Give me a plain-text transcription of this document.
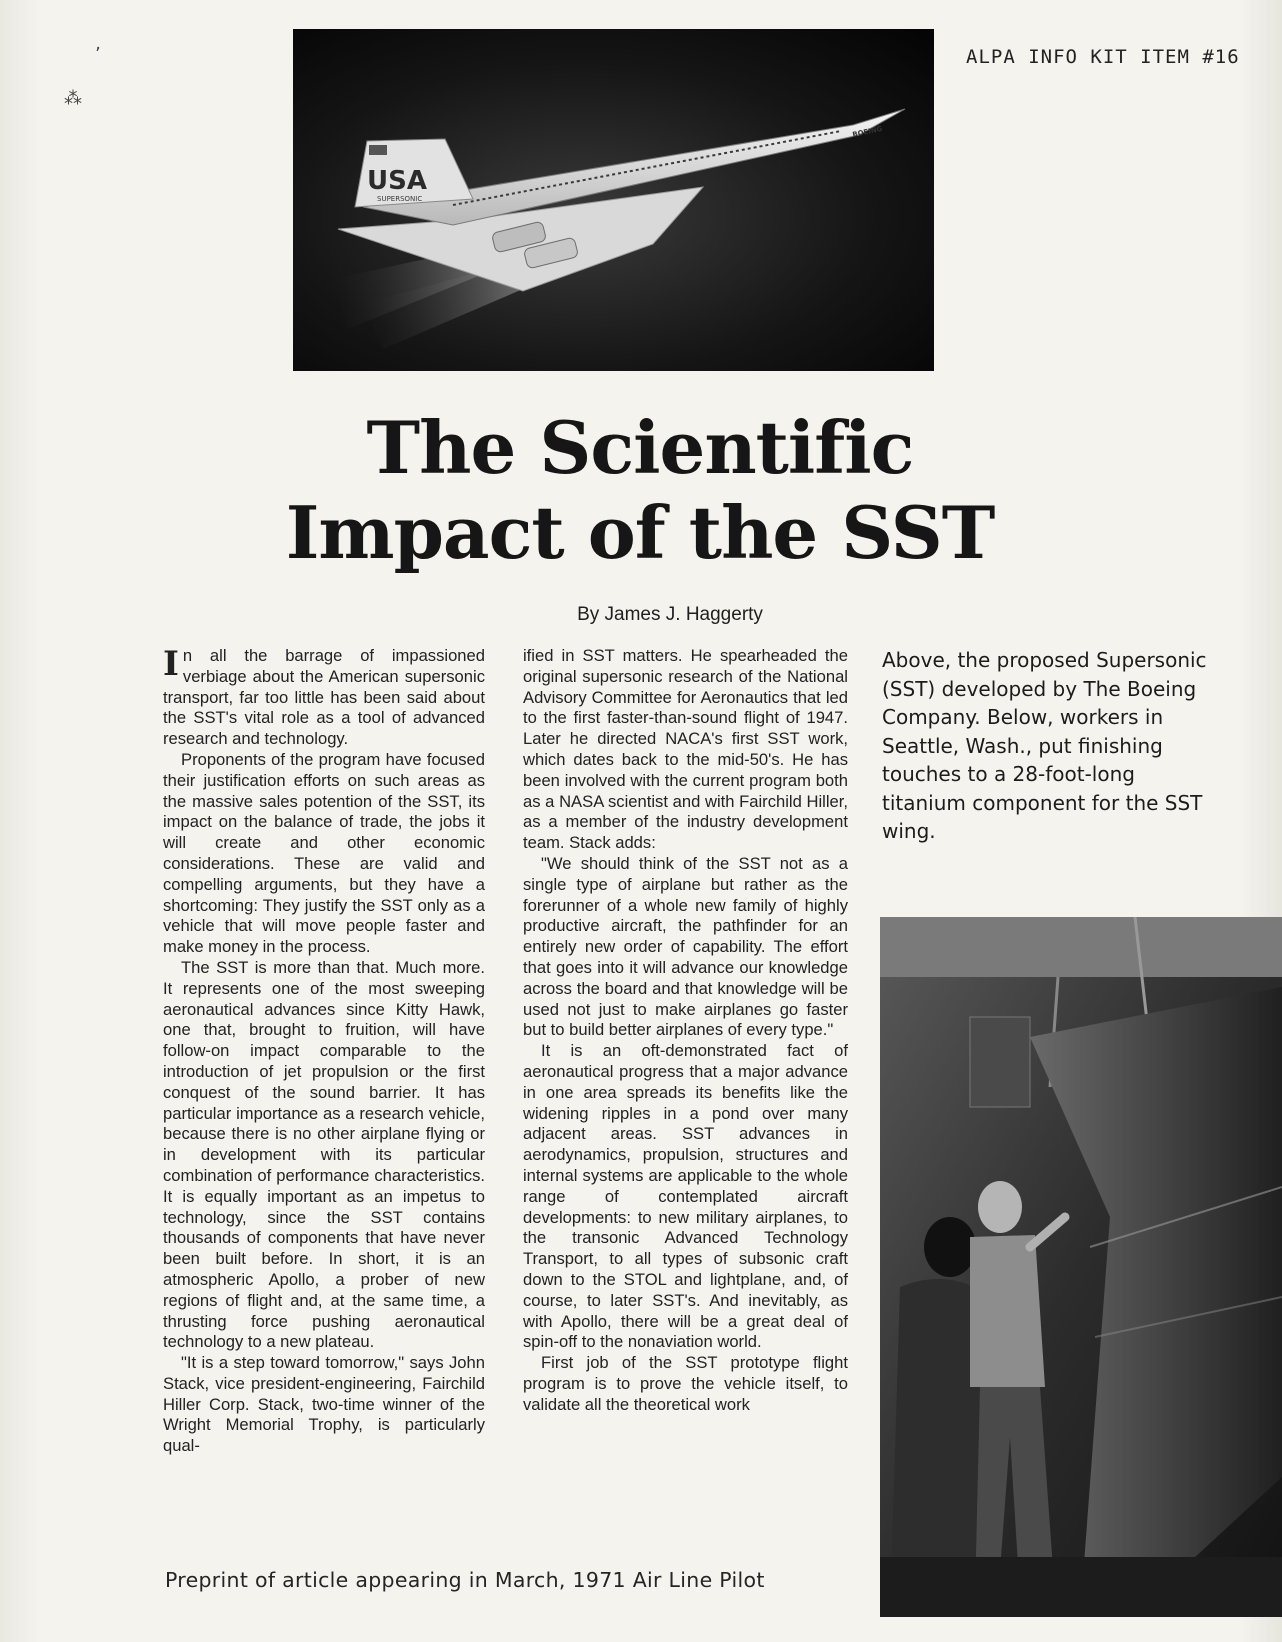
ʼ
⁂
ALPA INFO KIT ITEM #16
USA
SUPERSONIC
BOEING
The Scientific
Impact of the SST
By James J. Haggerty

In all the barrage of impassioned verbiage about the American supersonic transport, far too little has been said about the SST's vital role as a tool of advanced research and technology.

Proponents of the program have focused their justification efforts on such areas as the massive sales potention of the SST, its impact on the balance of trade, the jobs it will create and other economic considerations. These are valid and compelling arguments, but they have a shortcoming: They justify the SST only as a vehicle that will move people faster and make money in the process.

The SST is more than that. Much more. It represents one of the most sweeping aeronautical advances since Kitty Hawk, one that, brought to fruition, will have follow-on impact comparable to the introduction of jet propulsion or the first conquest of the sound barrier. It has particular importance as a research vehicle, because there is no other airplane flying or in development with its particular combination of performance characteristics. It is equally important as an impetus to technology, since the SST contains thousands of components that have never been built before. In short, it is an atmospheric Apollo, a prober of new regions of flight and, at the same time, a thrusting force pushing aeronautical technology to a new plateau.

"It is a step toward tomorrow," says John Stack, vice president-engineering, Fairchild Hiller Corp. Stack, two-time winner of the Wright Memorial Trophy, is particularly qual-

ified in SST matters. He spearheaded the original supersonic research of the National Advisory Committee for Aeronautics that led to the first faster-than-sound flight of 1947. Later he directed NACA's first SST work, which dates back to the mid-50's. He has been involved with the current program both as a NASA scientist and with Fairchild Hiller, as a member of the industry development team. Stack adds:

"We should think of the SST not as a single type of airplane but rather as the forerunner of a whole new family of highly productive aircraft, the pathfinder for an entirely new order of capability. The effort that goes into it will advance our knowledge across the board and that knowledge will be used not just to make airplanes go faster but to build better airplanes of every type."

It is an oft-demonstrated fact of aeronautical progress that a major advance in one area spreads its benefits like the widening ripples in a pond over many adjacent areas. SST advances in aerodynamics, propulsion, structures and internal systems are applicable to the whole range of contemplated aircraft developments: to new military airplanes, to the transonic Advanced Technology Transport, to all types of subsonic craft down to the STOL and lightplane, and, of course, to later SST's. And inevitably, as with Apollo, there will be a great deal of spin-off to the nonaviation world.

First job of the SST prototype flight program is to prove the vehicle itself, to validate all the theoretical work

Above, the proposed Supersonic (SST) developed by The Boeing Company. Below, workers in Seattle, Wash., put finishing touches to a 28-foot-long titanium component for the SST wing.
Preprint of article appearing in March, 1971 Air Line Pilot
